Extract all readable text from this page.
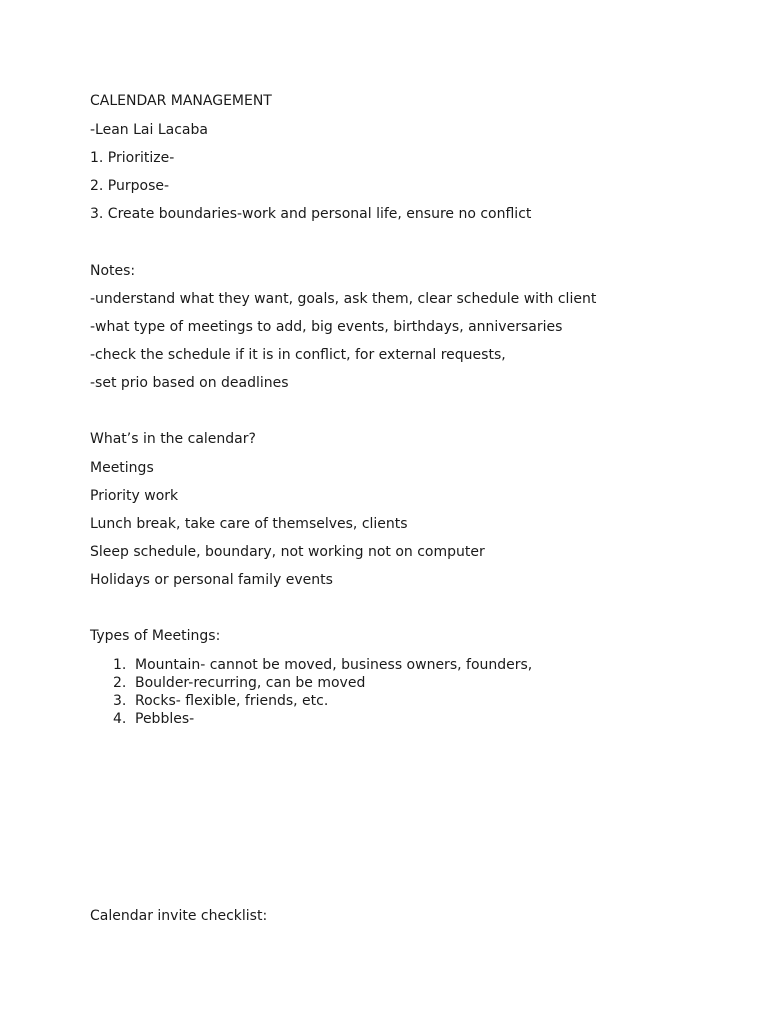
CALENDAR MANAGEMENT
-Lean Lai Lacaba
1. Prioritize-
2. Purpose-
3. Create boundaries-work and personal life, ensure no conflict
Notes:
-understand what they want, goals, ask them, clear schedule with client
-what type of meetings to add, big events, birthdays, anniversaries
-check the schedule if it is in conflict, for external requests,
-set prio based on deadlines
What’s in the calendar?
Meetings
Priority work
Lunch break, take care of themselves, clients
Sleep schedule, boundary, not working not on computer
Holidays or personal family events
Types of Meetings:
1. Mountain- cannot be moved, business owners, founders,
2. Boulder-recurring, can be moved
3. Rocks- flexible, friends, etc.
4. Pebbles-
Calendar invite checklist:
